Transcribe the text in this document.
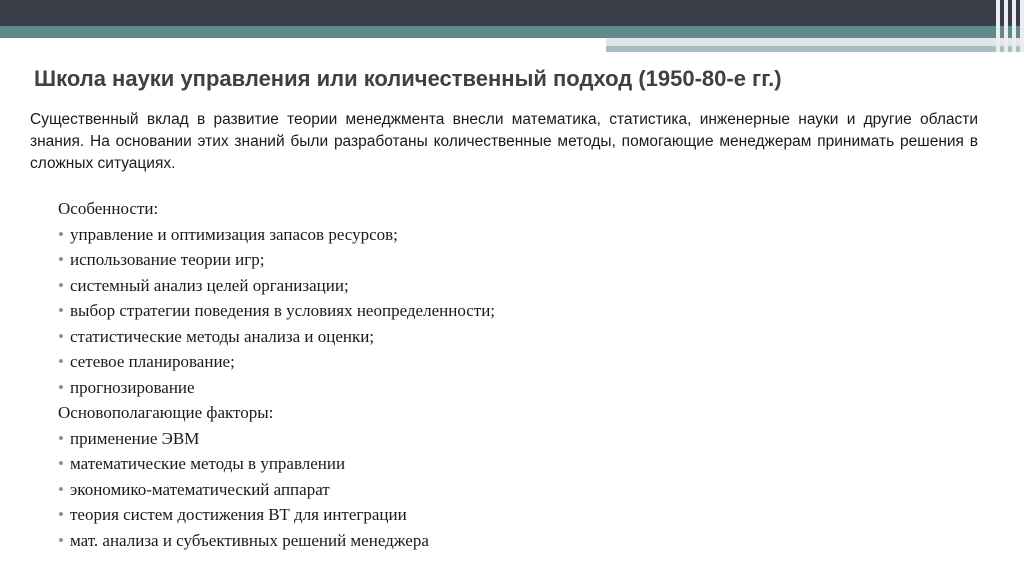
Школа науки управления или количественный подход (1950-80-е гг.)

Существенный вклад в развитие теории менеджмента внесли математика, статистика, инженерные науки и другие области знания. На основании этих знаний были разработаны количественные методы, помогающие менеджерам принимать решения в сложных ситуациях.

Особенности:
• управление и оптимизация запасов ресурсов;
• использование теории игр;
• системный анализ целей организации;
• выбор стратегии поведения в условиях неопределенности;
• статистические методы анализа и оценки;
• сетевое планирование;
• прогнозирование
Основополагающие факторы:
• применение ЭВМ
• математические методы в управлении
• экономико-математический аппарат
• теория систем достижения ВТ для интеграции
• мат. анализа и субъективных решений менеджера
